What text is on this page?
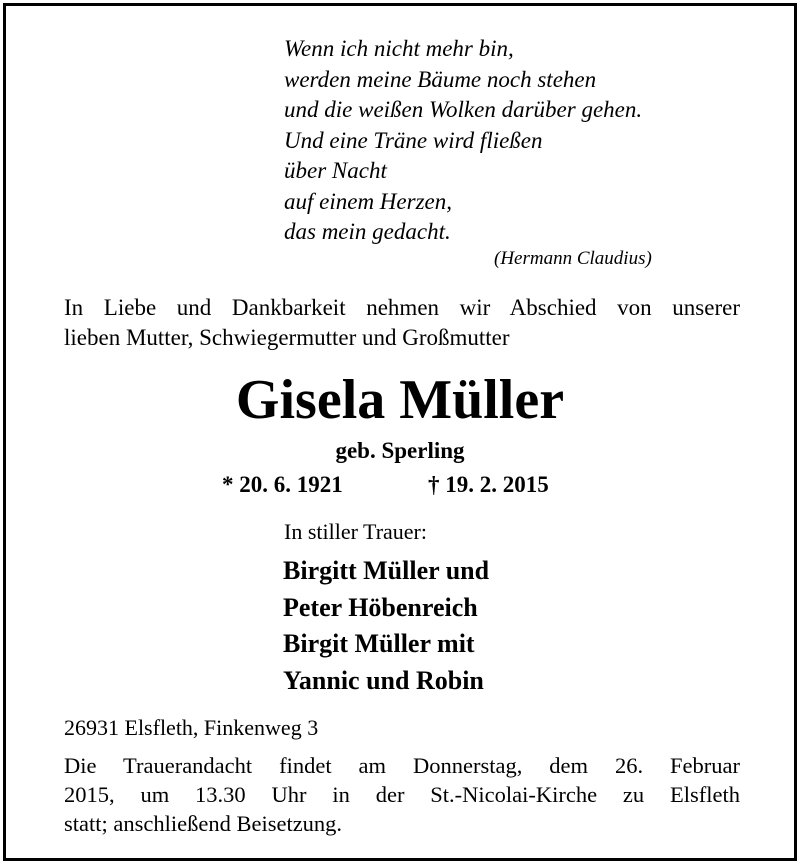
Wenn ich nicht mehr bin,
werden meine Bäume noch stehen
und die weißen Wolken darüber gehen.
Und eine Träne wird fließen
über Nacht
auf einem Herzen,
das mein gedacht.
(Hermann Claudius)
In Liebe und Dankbarkeit nehmen wir Abschied von unserer
lieben Mutter, Schwiegermutter und Großmutter
Gisela Müller
geb. Sperling
* 20. 6. 1921	† 19. 2. 2015
In stiller Trauer:
Birgitt Müller und
Peter Höbenreich
Birgit Müller mit
Yannic und Robin
26931 Elsfleth, Finkenweg 3
Die Trauerandacht findet am Donnerstag, dem 26. Februar
2015, um 13.30 Uhr in der St.-Nicolai-Kirche zu Elsfleth
statt; anschließend Beisetzung.
